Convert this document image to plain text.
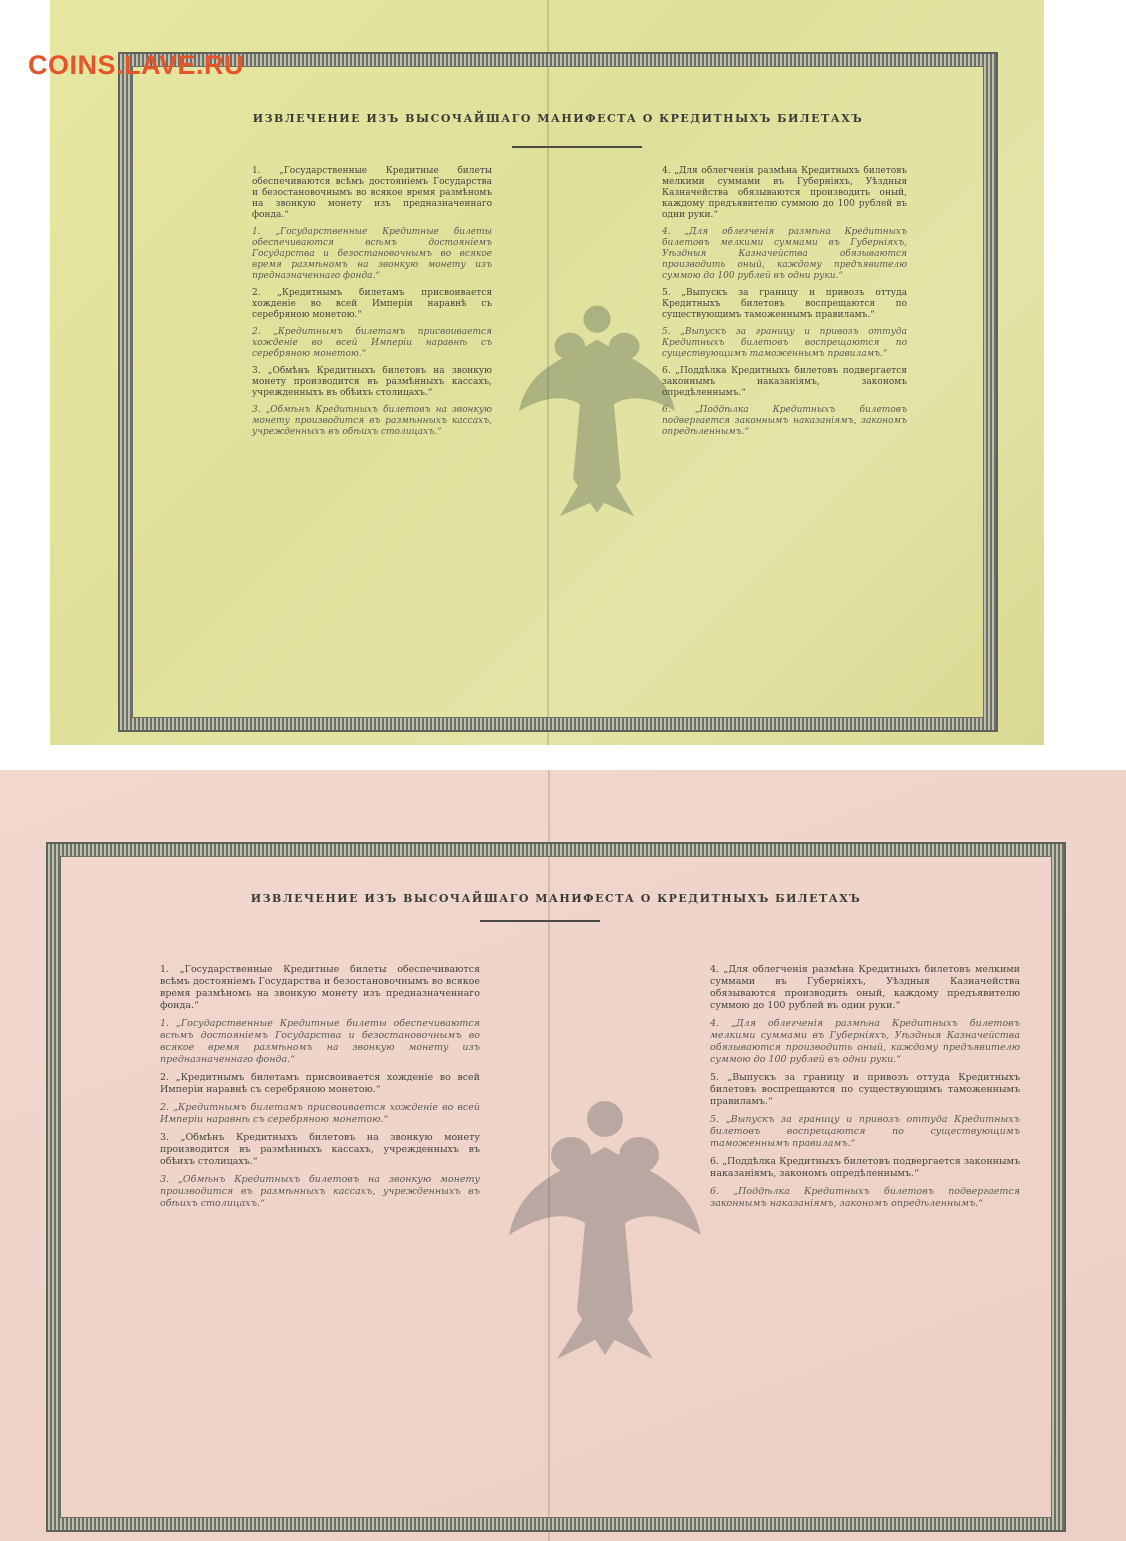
COINS.LAVE.RU
ИЗВЛЕЧЕНИЕ ИЗЪ ВЫСОЧАЙШАГО МАНИФЕСТА О КРЕДИТНЫХЪ БИЛЕТАХЪ

1. „Государственные Кредитные билеты обеспечиваются всѣмъ достояніемъ Государства и безостановочнымъ во всякое время размѣномъ на звонкую монету изъ предназначеннаго фонда.“

1. „Государственные Кредитные билеты обеспечиваются всѣмъ достояніемъ Государства и безостановочнымъ во всякое время размѣномъ на звонкую монету изъ предназначеннаго фонда.“

2. „Кредитнымъ билетамъ присвоивается хожденіе во всей Имперіи наравнѣ съ серебряною монетою.“

2. „Кредитнымъ билетамъ присвоивается хожденіе во всей Имперіи наравнѣ съ серебряною монетою.“

3. „Обмѣнъ Кредитныхъ билетовъ на звонкую монету производится въ размѣнныхъ кассахъ, учрежденныхъ въ обѣихъ столицахъ.“

3. „Обмѣнъ Кредитныхъ билетовъ на звонкую монету производится въ размѣнныхъ кассахъ, учрежденныхъ въ обѣихъ столицахъ.“

4. „Для облегченія размѣна Кредитныхъ билетовъ мелкими суммами въ Губерніяхъ, Уѣздныя Казначейства обязываются производить оный, каждому предъявителю суммою до 100 рублей въ одни руки.“

4. „Для облегченія размѣна Кредитныхъ билетовъ мелкими суммами въ Губерніяхъ, Уѣздныя Казначейства обязываются производить оный, каждому предъявителю суммою до 100 рублей въ одни руки.“

5. „Выпускъ за границу и привозъ оттуда Кредитныхъ билетовъ воспрещаются по существующимъ таможеннымъ правиламъ.“

5. „Выпускъ за границу и привозъ оттуда Кредитныхъ билетовъ воспрещаются по существующимъ таможеннымъ правиламъ.“

6. „Поддѣлка Кредитныхъ билетовъ подвергается законнымъ наказаніямъ, закономъ опредѣленнымъ.“

6. „Поддѣлка Кредитныхъ билетовъ подвергается законнымъ наказаніямъ, закономъ опредѣленнымъ.“

ИЗВЛЕЧЕНИЕ ИЗЪ ВЫСОЧАЙШАГО МАНИФЕСТА О КРЕДИТНЫХЪ БИЛЕТАХЪ

1. „Государственные Кредитные билеты обеспечиваются всѣмъ достояніемъ Государства и безостановочнымъ во всякое время размѣномъ на звонкую монету изъ предназначеннаго фонда.“

1. „Государственные Кредитные билеты обеспечиваются всѣмъ достояніемъ Государства и безостановочнымъ во всякое время размѣномъ на звонкую монету изъ предназначеннаго фонда.“

2. „Кредитнымъ билетамъ присвоивается хожденіе во всей Имперіи наравнѣ съ серебряною монетою.“

2. „Кредитнымъ билетамъ присвоивается хожденіе во всей Имперіи наравнѣ съ серебряною монетою.“

3. „Обмѣнъ Кредитныхъ билетовъ на звонкую монету производится въ размѣнныхъ кассахъ, учрежденныхъ въ обѣихъ столицахъ.“

3. „Обмѣнъ Кредитныхъ билетовъ на звонкую монету производится въ размѣнныхъ кассахъ, учрежденныхъ въ обѣихъ столицахъ.“

4. „Для облегченія размѣна Кредитныхъ билетовъ мелкими суммами въ Губерніяхъ, Уѣздныя Казначейства обязываются производить оный, каждому предъявителю суммою до 100 рублей въ одни руки.“

4. „Для облегченія размѣна Кредитныхъ билетовъ мелкими суммами въ Губерніяхъ, Уѣздныя Казначейства обязываются производить оный, каждому предъявителю суммою до 100 рублей въ одни руки.“

5. „Выпускъ за границу и привозъ оттуда Кредитныхъ билетовъ воспрещаются по существующимъ таможеннымъ правиламъ.“

5. „Выпускъ за границу и привозъ оттуда Кредитныхъ билетовъ воспрещаются по существующимъ таможеннымъ правиламъ.“

6. „Поддѣлка Кредитныхъ билетовъ подвергается законнымъ наказаніямъ, закономъ опредѣленнымъ.“

6. „Поддѣлка Кредитныхъ билетовъ подвергается законнымъ наказаніямъ, закономъ опредѣленнымъ.“
